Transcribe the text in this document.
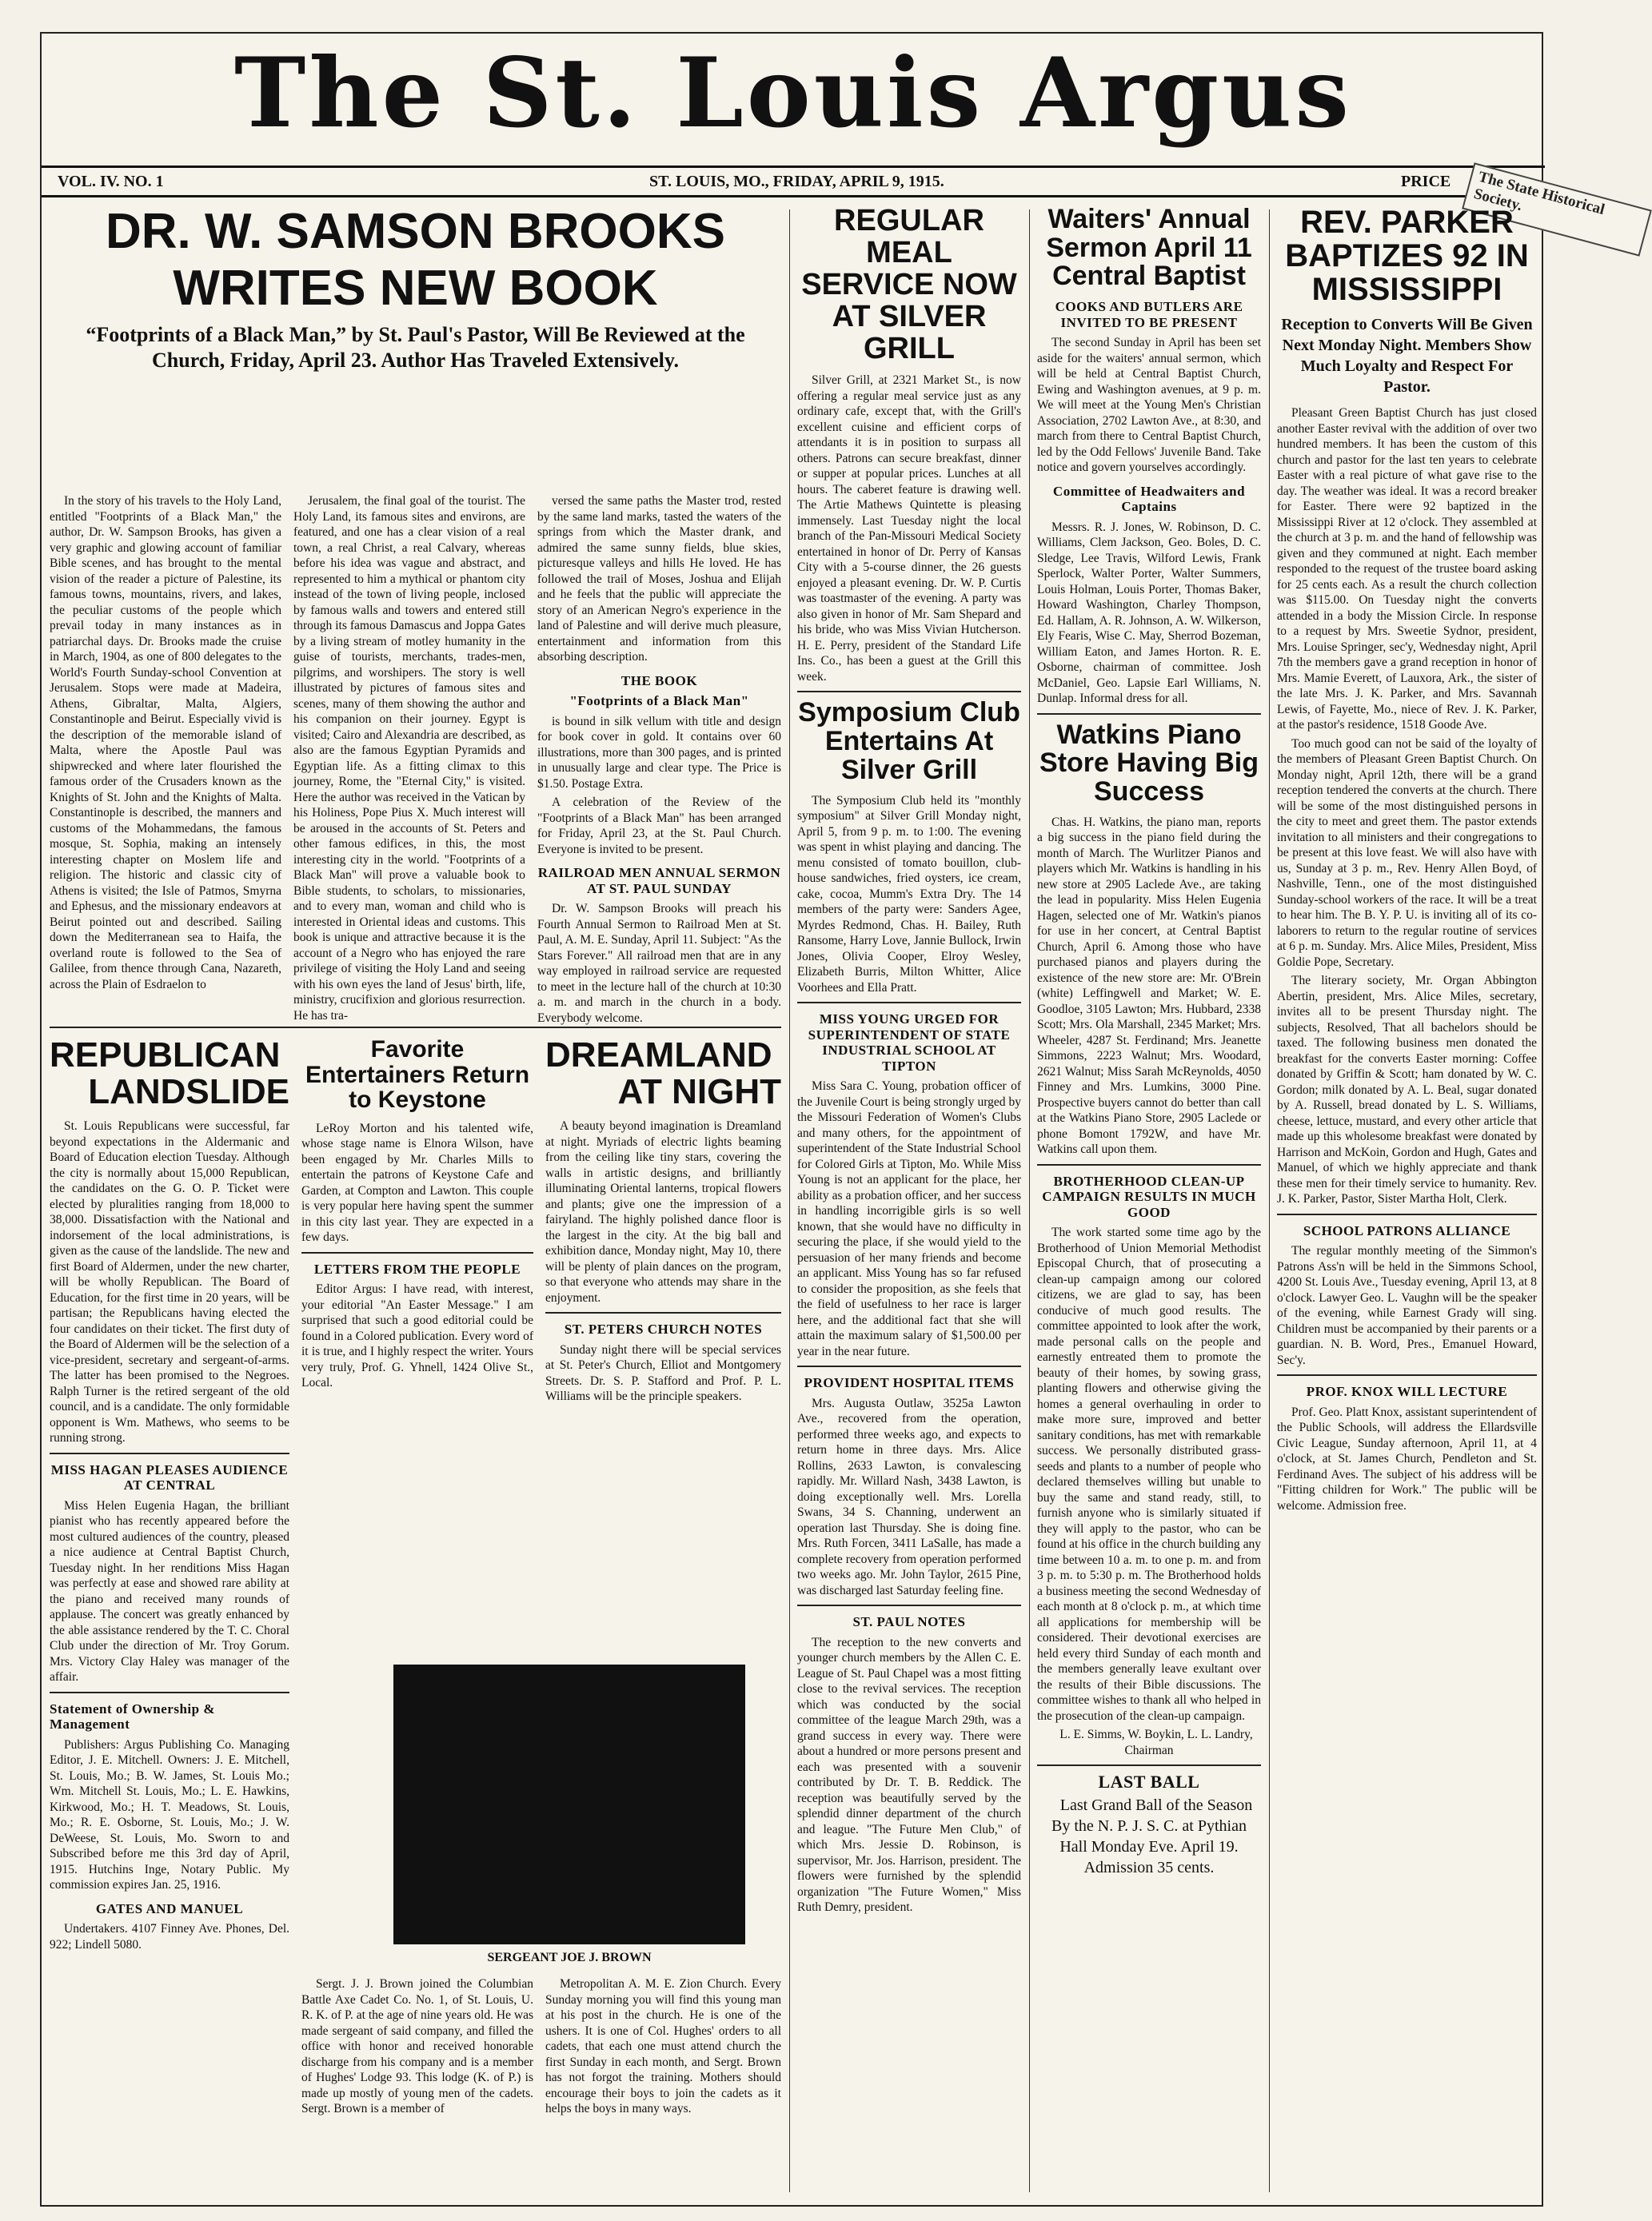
The St. Louis Argus
VOL. IV. NO. 1	ST. LOUIS, MO., FRIDAY, APRIL 9, 1915.	PRICE	The State Historical Society.
DR. W. SAMSON BROOKS
WRITES NEW BOOK
“Footprints of a Black Man,” by St. Paul's Pastor, Will Be Reviewed at the Church, Friday, April 23. Author Has Traveled Extensively.

In the story of his travels to the Holy Land, entitled "Footprints of a Black Man," the author, Dr. W. Sampson Brooks, has given a very graphic and glowing account of familiar Bible scenes, and has brought to the mental vision of the reader a picture of Palestine, its famous towns, mountains, rivers, and lakes, the peculiar customs of the people which prevail today in many instances as in patriarchal days. Dr. Brooks made the cruise in March, 1904, as one of 800 delegates to the World's Fourth Sunday-school Convention at Jerusalem. Stops were made at Madeira, Athens, Gibraltar, Malta, Algiers, Constantinople and Beirut. Especially vivid is the description of the memorable island of Malta, where the Apostle Paul was shipwrecked and where later flourished the famous order of the Crusaders known as the Knights of St. John and the Knights of Malta. Constantinople is described, the manners and customs of the Mohammedans, the famous mosque, St. Sophia, making an intensely interesting chapter on Moslem life and religion. The historic and classic city of Athens is visited; the Isle of Patmos, Smyrna and Ephesus, and the missionary endeavors at Beirut pointed out and described. Sailing down the Mediterranean sea to Haifa, the overland route is followed to the Sea of Galilee, from thence through Cana, Nazareth, across the Plain of Esdraelon to

Jerusalem, the final goal of the tourist. The Holy Land, its famous sites and environs, are featured, and one has a clear vision of a real town, a real Christ, a real Calvary, whereas before his idea was vague and abstract, and represented to him a mythical or phantom city instead of the town of living people, inclosed by famous walls and towers and entered still through its famous Damascus and Joppa Gates by a living stream of motley humanity in the guise of tourists, merchants, trades-men, pilgrims, and worshipers. The story is well illustrated by pictures of famous sites and scenes, many of them showing the author and his companion on their journey. Egypt is visited; Cairo and Alexandria are described, as also are the famous Egyptian Pyramids and Egyptian life. As a fitting climax to this journey, Rome, the "Eternal City," is visited. Here the author was received in the Vatican by his Holiness, Pope Pius X. Much interest will be aroused in the accounts of St. Peters and other famous edifices, in this, the most interesting city in the world. "Footprints of a Black Man" will prove a valuable book to Bible students, to scholars, to missionaries, and to every man, woman and child who is interested in Oriental ideas and customs. This book is unique and attractive because it is the account of a Negro who has enjoyed the rare privilege of visiting the Holy Land and seeing with his own eyes the land of Jesus' birth, life, ministry, crucifixion and glorious resurrection. He has tra-

versed the same paths the Master trod, rested by the same land marks, tasted the waters of the springs from which the Master drank, and admired the same sunny fields, blue skies, picturesque valleys and hills He loved. He has followed the trail of Moses, Joshua and Elijah and he feels that the public will appreciate the story of an American Negro's experience in the land of Palestine and will derive much pleasure, entertainment and information from this absorbing description.

THE BOOK
"Footprints of a Black Man"

is bound in silk vellum with title and design for book cover in gold. It contains over 60 illustrations, more than 300 pages, and is printed in unusually large and clear type. The Price is $1.50. Postage Extra.

A celebration of the Review of the "Footprints of a Black Man" has been arranged for Friday, April 23, at the St. Paul Church. Everyone is invited to be present.

RAILROAD MEN ANNUAL SERMON AT ST. PAUL SUNDAY

Dr. W. Sampson Brooks will preach his Fourth Annual Sermon to Railroad Men at St. Paul, A. M. E. Sunday, April 11. Subject: "As the Stars Forever." All railroad men that are in any way employed in railroad service are requested to meet in the lecture hall of the church at 10:30 a. m. and march in the church in a body. Everybody welcome.

REPUBLICAN
LANDSLIDE

St. Louis Republicans were successful, far beyond expectations in the Aldermanic and Board of Education election Tuesday. Although the city is normally about 15,000 Republican, the candidates on the G. O. P. Ticket were elected by pluralities ranging from 18,000 to 38,000. Dissatisfaction with the National and indorsement of the local administrations, is given as the cause of the landslide. The new and first Board of Aldermen, under the new charter, will be wholly Republican. The Board of Education, for the first time in 20 years, will be partisan; the Republicans having elected the four candidates on their ticket. The first duty of the Board of Aldermen will be the selection of a vice-president, secretary and sergeant-of-arms. The latter has been promised to the Negroes. Ralph Turner is the retired sergeant of the old council, and is a candidate. The only formidable opponent is Wm. Mathews, who seems to be running strong.

MISS HAGAN PLEASES AUDIENCE AT CENTRAL

Miss Helen Eugenia Hagan, the brilliant pianist who has recently appeared before the most cultured audiences of the country, pleased a nice audience at Central Baptist Church, Tuesday night. In her renditions Miss Hagan was perfectly at ease and showed rare ability at the piano and received many rounds of applause. The concert was greatly enhanced by the able assistance rendered by the T. C. Choral Club under the direction of Mr. Troy Gorum. Mrs. Victory Clay Haley was manager of the affair.

Statement of Ownership & Management

Publishers: Argus Publishing Co. Managing Editor, J. E. Mitchell. Owners: J. E. Mitchell, St. Louis, Mo.; B. W. James, St. Louis Mo.; Wm. Mitchell St. Louis, Mo.; L. E. Hawkins, Kirkwood, Mo.; H. T. Meadows, St. Louis, Mo.; R. E. Osborne, St. Louis, Mo.; J. W. DeWeese, St. Louis, Mo. Sworn to and Subscribed before me this 3rd day of April, 1915. Hutchins Inge, Notary Public. My commission expires Jan. 25, 1916.

GATES AND MANUEL

Undertakers. 4107 Finney Ave. Phones, Del. 922; Lindell 5080.

Favorite Entertainers Return to Keystone

LeRoy Morton and his talented wife, whose stage name is Elnora Wilson, have been engaged by Mr. Charles Mills to entertain the patrons of Keystone Cafe and Garden, at Compton and Lawton. This couple is very popular here having spent the summer in this city last year. They are expected in a few days.

LETTERS FROM THE PEOPLE

Editor Argus: I have read, with interest, your editorial "An Easter Message." I am surprised that such a good editorial could be found in a Colored publication. Every word of it is true, and I highly respect the writer. Yours very truly, Prof. G. Yhnell, 1424 Olive St., Local.

DREAMLAND
AT NIGHT

A beauty beyond imagination is Dreamland at night. Myriads of electric lights beaming from the ceiling like tiny stars, covering the walls in artistic designs, and brilliantly illuminating Oriental lanterns, tropical flowers and plants; give one the impression of a fairyland. The highly polished dance floor is the largest in the city. At the big ball and exhibition dance, Monday night, May 10, there will be plenty of plain dances on the program, so that everyone who attends may share in the enjoyment.

ST. PETERS CHURCH NOTES

Sunday night there will be special services at St. Peter's Church, Elliot and Montgomery Streets. Dr. S. P. Stafford and Prof. P. L. Williams will be the principle speakers.

SERGEANT JOE J. BROWN

Sergt. J. J. Brown joined the Columbian Battle Axe Cadet Co. No. 1, of St. Louis, U. R. K. of P. at the age of nine years old. He was made sergeant of said company, and filled the office with honor and received honorable discharge from his company and is a member of Hughes' Lodge 93. This lodge (K. of P.) is made up mostly of young men of the cadets. Sergt. Brown is a member of

Metropolitan A. M. E. Zion Church. Every Sunday morning you will find this young man at his post in the church. He is one of the ushers. It is one of Col. Hughes' orders to all cadets, that each one must attend church the first Sunday in each month, and Sergt. Brown has not forgot the training. Mothers should encourage their boys to join the cadets as it helps the boys in many ways.

REGULAR MEAL SERVICE NOW AT SILVER GRILL

Silver Grill, at 2321 Market St., is now offering a regular meal service just as any ordinary cafe, except that, with the Grill's excellent cuisine and efficient corps of attendants it is in position to surpass all others. Patrons can secure breakfast, dinner or supper at popular prices. Lunches at all hours. The caberet feature is drawing well. The Artie Mathews Quintette is pleasing immensely. Last Tuesday night the local branch of the Pan-Missouri Medical Society entertained in honor of Dr. Perry of Kansas City with a 5-course dinner, the 26 guests enjoyed a pleasant evening. Dr. W. P. Curtis was toastmaster of the evening. A party was also given in honor of Mr. Sam Shepard and his bride, who was Miss Vivian Hutcherson. H. E. Perry, president of the Standard Life Ins. Co., has been a guest at the Grill this week.

Symposium Club Entertains At Silver Grill

The Symposium Club held its "monthly symposium" at Silver Grill Monday night, April 5, from 9 p. m. to 1:00. The evening was spent in whist playing and dancing. The menu consisted of tomato bouillon, club-house sandwiches, fried oysters, ice cream, cake, cocoa, Mumm's Extra Dry. The 14 members of the party were: Sanders Agee, Myrdes Redmond, Chas. H. Bailey, Ruth Ransome, Harry Love, Jannie Bullock, Irwin Jones, Olivia Cooper, Elroy Wesley, Elizabeth Burris, Milton Whitter, Alice Voorhees and Ella Pratt.

MISS YOUNG URGED FOR SUPERINTENDENT OF STATE INDUSTRIAL SCHOOL AT TIPTON

Miss Sara C. Young, probation officer of the Juvenile Court is being strongly urged by the Missouri Federation of Women's Clubs and many others, for the appointment of superintendent of the State Industrial School for Colored Girls at Tipton, Mo. While Miss Young is not an applicant for the place, her ability as a probation officer, and her success in handling incorrigible girls is so well known, that she would have no difficulty in securing the place, if she would yield to the persuasion of her many friends and become an applicant. Miss Young has so far refused to consider the proposition, as she feels that the field of usefulness to her race is larger here, and the additional fact that she will attain the maximum salary of $1,500.00 per year in the near future.

PROVIDENT HOSPITAL ITEMS

Mrs. Augusta Outlaw, 3525a Lawton Ave., recovered from the operation, performed three weeks ago, and expects to return home in three days. Mrs. Alice Rollins, 2633 Lawton, is convalescing rapidly. Mr. Willard Nash, 3438 Lawton, is doing exceptionally well. Mrs. Lorella Swans, 34 S. Channing, underwent an operation last Thursday. She is doing fine. Mrs. Ruth Forcen, 3411 LaSalle, has made a complete recovery from operation performed two weeks ago. Mr. John Taylor, 2615 Pine, was discharged last Saturday feeling fine.

ST. PAUL NOTES

The reception to the new converts and younger church members by the Allen C. E. League of St. Paul Chapel was a most fitting close to the revival services. The reception which was conducted by the social committee of the league March 29th, was a grand success in every way. There were about a hundred or more persons present and each was presented with a souvenir contributed by Dr. T. B. Reddick. The reception was beautifully served by the splendid dinner department of the church and league. "The Future Men Club," of which Mrs. Jessie D. Robinson, is supervisor, Mr. Jos. Harrison, president. The flowers were furnished by the splendid organization "The Future Women," Miss Ruth Demry, president.

Waiters' Annual Sermon April 11 Central Baptist
COOKS AND BUTLERS ARE INVITED TO BE PRESENT

The second Sunday in April has been set aside for the waiters' annual sermon, which will be held at Central Baptist Church, Ewing and Washington avenues, at 9 p. m. We will meet at the Young Men's Christian Association, 2702 Lawton Ave., at 8:30, and march from there to Central Baptist Church, led by the Odd Fellows' Juvenile Band. Take notice and govern yourselves accordingly.

Committee of Headwaiters and Captains

Messrs. R. J. Jones, W. Robinson, D. C. Williams, Clem Jackson, Geo. Boles, D. C. Sledge, Lee Travis, Wilford Lewis, Frank Sperlock, Walter Porter, Walter Summers, Louis Holman, Louis Porter, Thomas Baker, Howard Washington, Charley Thompson, Ed. Hallam, A. R. Johnson, A. W. Wilkerson, Ely Fearis, Wise C. May, Sherrod Bozeman, William Eaton, and James Horton. R. E. Osborne, chairman of committee. Josh McDaniel, Geo. Lapsie Earl Williams, N. Dunlap. Informal dress for all.

Watkins Piano Store Having Big Success

Chas. H. Watkins, the piano man, reports a big success in the piano field during the month of March. The Wurlitzer Pianos and players which Mr. Watkins is handling in his new store at 2905 Laclede Ave., are taking the lead in popularity. Miss Helen Eugenia Hagen, selected one of Mr. Watkin's pianos for use in her concert, at Central Baptist Church, April 6. Among those who have purchased pianos and players during the existence of the new store are: Mr. O'Brein (white) Leffingwell and Market; W. E. Goodloe, 3105 Lawton; Mrs. Hubbard, 2338 Scott; Mrs. Ola Marshall, 2345 Market; Mrs. Wheeler, 4287 St. Ferdinand; Mrs. Jeanette Simmons, 2223 Walnut; Mrs. Woodard, 2621 Walnut; Miss Sarah McReynolds, 4050 Finney and Mrs. Lumkins, 3000 Pine. Prospective buyers cannot do better than call at the Watkins Piano Store, 2905 Laclede or phone Bomont 1792W, and have Mr. Watkins call upon them.

BROTHERHOOD CLEAN-UP CAMPAIGN RESULTS IN MUCH GOOD

The work started some time ago by the Brotherhood of Union Memorial Methodist Episcopal Church, that of prosecuting a clean-up campaign among our colored citizens, we are glad to say, has been conducive of much good results. The committee appointed to look after the work, made personal calls on the people and earnestly entreated them to promote the beauty of their homes, by sowing grass, planting flowers and otherwise giving the homes a general overhauling in order to make more sure, improved and better sanitary conditions, has met with remarkable success. We personally distributed grass-seeds and plants to a number of people who declared themselves willing but unable to buy the same and stand ready, still, to furnish anyone who is similarly situated if they will apply to the pastor, who can be found at his office in the church building any time between 10 a. m. to one p. m. and from 3 p. m. to 5:30 p. m. The Brotherhood holds a business meeting the second Wednesday of each month at 8 o'clock p. m., at which time all applications for membership will be considered. Their devotional exercises are held every third Sunday of each month and the members generally leave exultant over the results of their Bible discussions. The committee wishes to thank all who helped in the prosecution of the clean-up campaign.

L. E. Simms, W. Boykin, L. L. Landry, Chairman

LAST BALL

Last Grand Ball of the Season By the N. P. J. S. C. at Pythian Hall Monday Eve. April 19. Admission 35 cents.

REV. PARKER BAPTIZES 92 IN MISSISSIPPI
Reception to Converts Will Be Given Next Monday Night. Members Show Much Loyalty and Respect For Pastor.

Pleasant Green Baptist Church has just closed another Easter revival with the addition of over two hundred members. It has been the custom of this church and pastor for the last ten years to celebrate Easter with a real picture of what gave rise to the day. The weather was ideal. It was a record breaker for Easter. There were 92 baptized in the Mississippi River at 12 o'clock. They assembled at the church at 3 p. m. and the hand of fellowship was given and they communed at night. Each member responded to the request of the trustee board asking for 25 cents each. As a result the church collection was $115.00. On Tuesday night the converts attended in a body the Mission Circle. In response to a request by Mrs. Sweetie Sydnor, president, Mrs. Louise Springer, sec'y, Wednesday night, April 7th the members gave a grand reception in honor of Mrs. Mamie Everett, of Lauxora, Ark., the sister of the late Mrs. J. K. Parker, and Mrs. Savannah Lewis, of Fayette, Mo., niece of Rev. J. K. Parker, at the pastor's residence, 1518 Goode Ave.

Too much good can not be said of the loyalty of the members of Pleasant Green Baptist Church. On Monday night, April 12th, there will be a grand reception tendered the converts at the church. There will be some of the most distinguished persons in the city to meet and greet them. The pastor extends invitation to all ministers and their congregations to be present at this love feast. We will also have with us, Sunday at 3 p. m., Rev. Henry Allen Boyd, of Nashville, Tenn., one of the most distinguished Sunday-school workers of the race. It will be a treat to hear him. The B. Y. P. U. is inviting all of its co-laborers to return to the regular routine of services at 6 p. m. Sunday. Mrs. Alice Miles, President, Miss Goldie Pope, Secretary.

The literary society, Mr. Organ Abbington Abertin, president, Mrs. Alice Miles, secretary, invites all to be present Thursday night. The subjects, Resolved, That all bachelors should be taxed. The following business men donated the breakfast for the converts Easter morning: Coffee donated by Griffin & Scott; ham donated by W. C. Gordon; milk donated by A. L. Beal, sugar donated by A. Russell, bread donated by L. S. Williams, cheese, lettuce, mustard, and every other article that made up this wholesome breakfast were donated by Harrison and McKoin, Gordon and Hugh, Gates and Manuel, of which we highly appreciate and thank these men for their timely service to humanity. Rev. J. K. Parker, Pastor, Sister Martha Holt, Clerk.

SCHOOL PATRONS ALLIANCE

The regular monthly meeting of the Simmon's Patrons Ass'n will be held in the Simmons School, 4200 St. Louis Ave., Tuesday evening, April 13, at 8 o'clock. Lawyer Geo. L. Vaughn will be the speaker of the evening, while Earnest Grady will sing. Children must be accompanied by their parents or a guardian. N. B. Word, Pres., Emanuel Howard, Sec'y.

PROF. KNOX WILL LECTURE

Prof. Geo. Platt Knox, assistant superintendent of the Public Schools, will address the Ellardsville Civic League, Sunday afternoon, April 11, at 4 o'clock, at St. James Church, Pendleton and St. Ferdinand Aves. The subject of his address will be "Fitting children for Work." The public will be welcome. Admission free.
